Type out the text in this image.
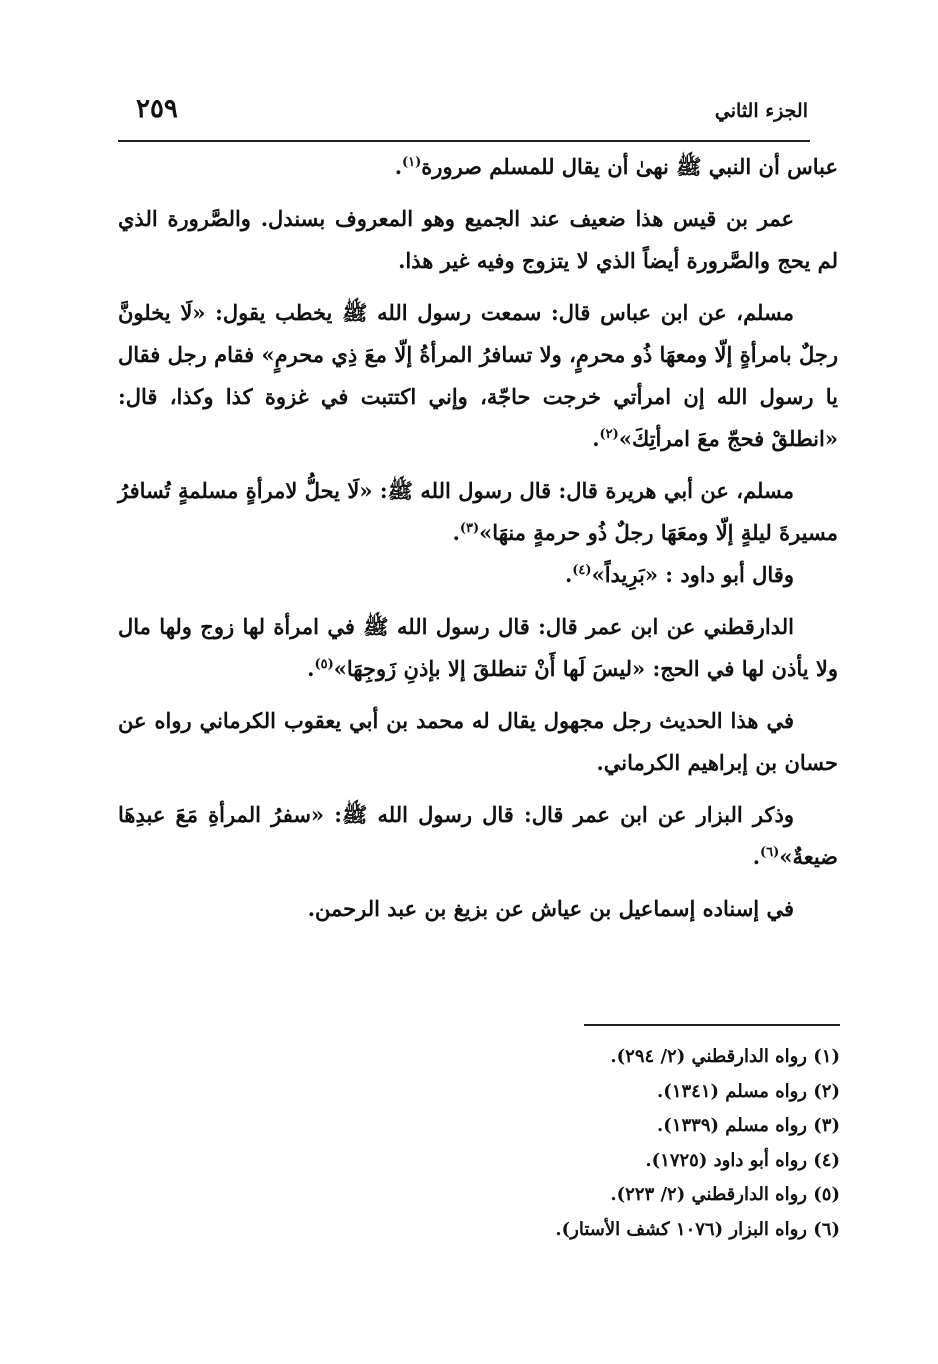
الجزء الثاني
٢٥٩

عباس أن النبي ﷺ نهىٰ أن يقال للمسلم صرورة$^{(١)}$.

عمر بن قيس هذا ضعيف عند الجميع وهو المعروف بسندل. والصَّرورة الذي لم يحج والصَّرورة أيضاً الذي لا يتزوج وفيه غير هذا.

مسلم، عن ابن عباس قال: سمعت رسول الله ﷺ يخطب يقول: «لَا يخلونَّ رجلٌ بامرأةٍ إلّا ومعهَا ذُو محرمٍ، ولا تسافرُ المرأةُ إلّا معَ ذِي محرمٍ» فقام رجل فقال يا رسول الله إن امرأتي خرجت حاجّة، وإني اكتتبت في غزوة كذا وكذا، قال: «انطلقْ فحجّ معَ امرأتِكَ»$^{(٢)}$.

مسلم، عن أبي هريرة قال: قال رسول الله ﷺ: «لَا يحلُّ لامرأةٍ مسلمةٍ تُسافرُ مسيرةَ ليلةٍ إلّا ومعَهَا رجلٌ ذُو حرمةٍ منهَا»$^{(٣)}$.

وقال أبو داود : «بَرِيداً»$^{(٤)}$.

الدارقطني عن ابن عمر قال: قال رسول الله ﷺ في امرأة لها زوج ولها مال ولا يأذن لها في الحج: «ليسَ لَها أَنْ تنطلقَ إلا بإذنِ زَوجِهَا»$^{(٥)}$.

في هذا الحديث رجل مجهول يقال له محمد بن أبي يعقوب الكرماني رواه عن حسان بن إبراهيم الكرماني.

وذكر البزار عن ابن عمر قال: قال رسول الله ﷺ: «سفرُ المرأةِ مَعَ عبدِهَا ضيعةٌ»$^{(٦)}$.

في إسناده إسماعيل بن عياش عن بزيغ بن عبد الرحمن.

(١) رواه الدارقطني (٢/ ٢٩٤).
(٢) رواه مسلم (١٣٤١).
(٣) رواه مسلم (١٣٣٩).
(٤) رواه أبو داود (١٧٢٥).
(٥) رواه الدارقطني (٢/ ٢٢٣).
(٦) رواه البزار (١٠٧٦ كشف الأستار).
